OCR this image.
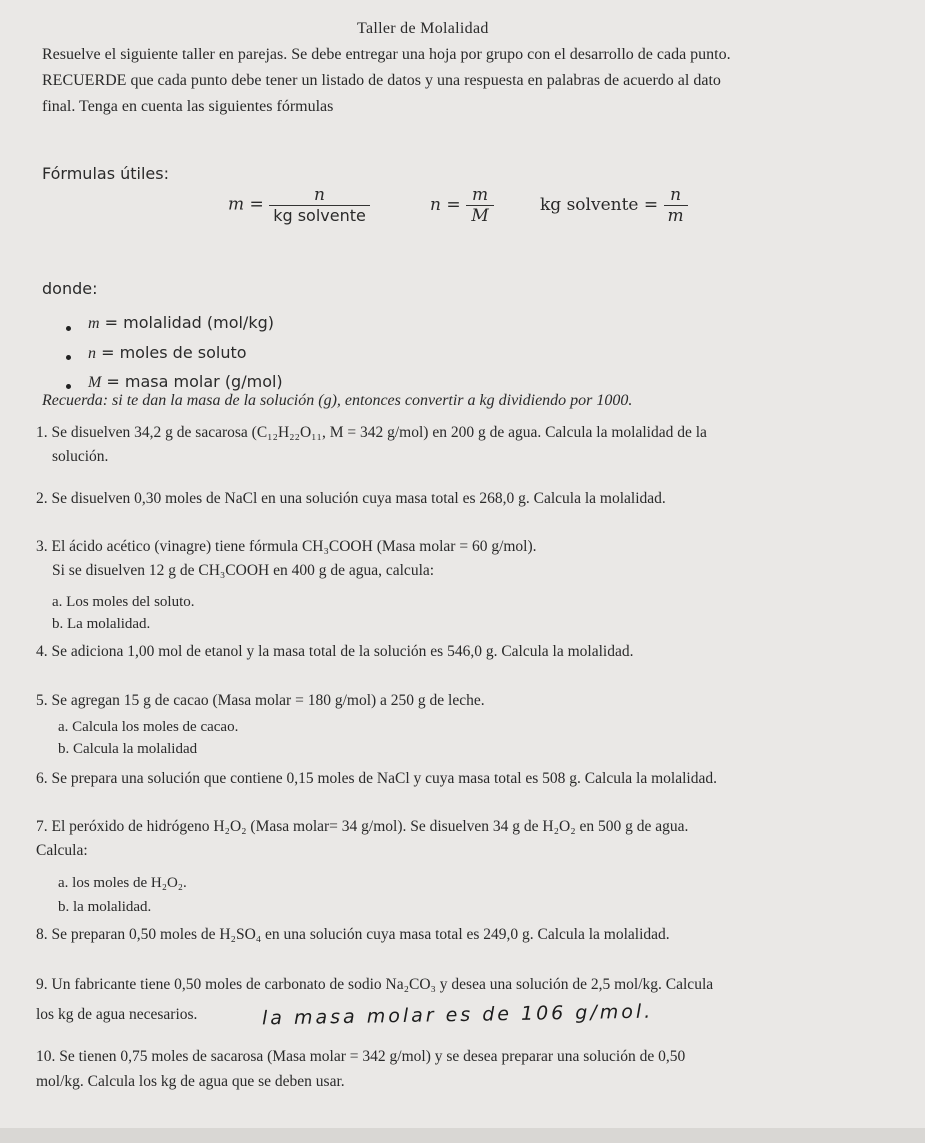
Taller de Molalidad
Resuelve el siguiente taller en parejas. Se debe entregar una hoja por grupo con el desarrollo de cada punto.
RECUERDE que cada punto debe tener un listado de datos y una respuesta en palabras de acuerdo al dato
final. Tenga en cuenta las siguientes fórmulas
Fórmulas útiles:
$m = \frac{n}{\text{kg solvente}}$	$n = \frac{m}{M}$	kg solvente = $\frac{n}{m}$
donde:
m = molalidad (mol/kg)
n = moles de soluto
M = masa molar (g/mol)
Recuerda: si te dan la masa de la solución (g), entonces convertir a kg dividiendo por 1000.
1. Se disuelven 34,2 g de sacarosa (C₁₂H₂₂O₁₁, M = 342 g/mol) en 200 g de agua. Calcula la molalidad de la
solución.
2. Se disuelven 0,30 moles de NaCl en una solución cuya masa total es 268,0 g. Calcula la molalidad.
3. El ácido acético (vinagre) tiene fórmula CH₃COOH (Masa molar = 60 g/mol).
Si se disuelven 12 g de CH₃COOH en 400 g de agua, calcula:
a. Los moles del soluto.
b. La molalidad.
4. Se adiciona 1,00 mol de etanol y la masa total de la solución es 546,0 g. Calcula la molalidad.
5. Se agregan 15 g de cacao (Masa molar = 180 g/mol) a 250 g de leche.
a. Calcula los moles de cacao.
b. Calcula la molalidad
6. Se prepara una solución que contiene 0,15 moles de NaCl y cuya masa total es 508 g. Calcula la molalidad.
7. El peróxido de hidrógeno H₂O₂ (Masa molar= 34 g/mol). Se disuelven 34 g de H₂O₂ en 500 g de agua.
Calcula:
a. los moles de H₂O₂.
b. la molalidad.
8. Se preparan 0,50 moles de H₂SO₄ en una solución cuya masa total es 249,0 g. Calcula la molalidad.
9. Un fabricante tiene 0,50 moles de carbonato de sodio Na₂CO₃ y desea una solución de 2,5 mol/kg. Calcula
los kg de agua necesarios.	la masa molar es de 106 g/mol.
10. Se tienen 0,75 moles de sacarosa (Masa molar = 342 g/mol) y se desea preparar una solución de 0,50
mol/kg. Calcula los kg de agua que se deben usar.
